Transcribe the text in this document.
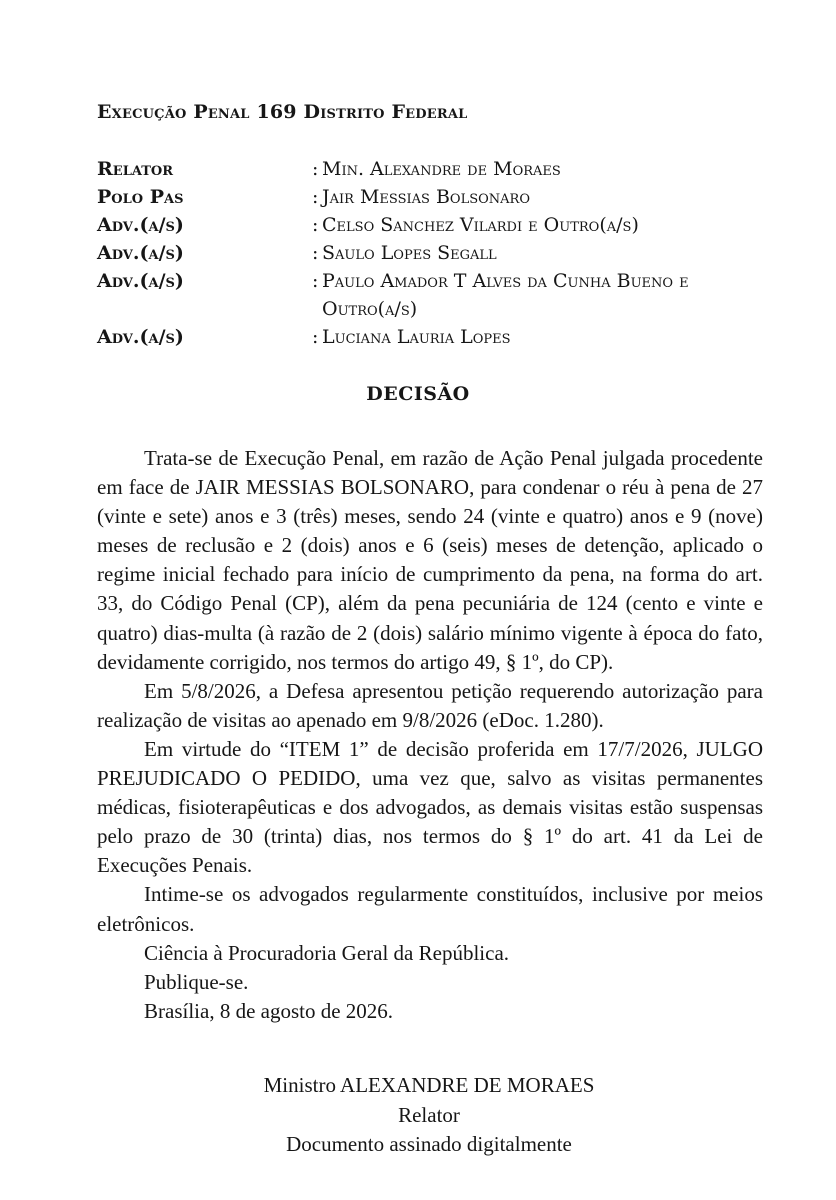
Execução Penal 169 Distrito Federal
Relator	: Min. Alexandre de Moraes
Polo Pas	: Jair Messias Bolsonaro
Adv.(a/s)	: Celso Sanchez Vilardi e Outro(a/s)
Adv.(a/s)	: Saulo Lopes Segall
Adv.(a/s)	: Paulo Amador T Alves da Cunha Bueno e Outro(a/s)
Adv.(a/s)	: Luciana Lauria Lopes
DECISÃO

Trata-se de Execução Penal, em razão de Ação Penal julgada procedente em face de JAIR MESSIAS BOLSONARO, para condenar o réu à pena de 27 (vinte e sete) anos e 3 (três) meses, sendo 24 (vinte e quatro) anos e 9 (nove) meses de reclusão e 2 (dois) anos e 6 (seis) meses de detenção, aplicado o regime inicial fechado para início de cumprimento da pena, na forma do art. 33, do Código Penal (CP), além da pena pecuniária de 124 (cento e vinte e quatro) dias-multa (à razão de 2 (dois) salário mínimo vigente à época do fato, devidamente corrigido, nos termos do artigo 49, § 1º, do CP).

Em 5/8/2026, a Defesa apresentou petição requerendo autorização para realização de visitas ao apenado em 9/8/2026 (eDoc. 1.280).

Em virtude do “ITEM 1” de decisão proferida em 17/7/2026, JULGO PREJUDICADO O PEDIDO, uma vez que, salvo as visitas permanentes médicas, fisioterapêuticas e dos advogados, as demais visitas estão suspensas pelo prazo de 30 (trinta) dias, nos termos do § 1º do art. 41 da Lei de Execuções Penais.

Intime-se os advogados regularmente constituídos, inclusive por meios eletrônicos.

Ciência à Procuradoria Geral da República.

Publique-se.

Brasília, 8 de agosto de 2026.

Ministro ALEXANDRE DE MORAES
Relator
Documento assinado digitalmente
